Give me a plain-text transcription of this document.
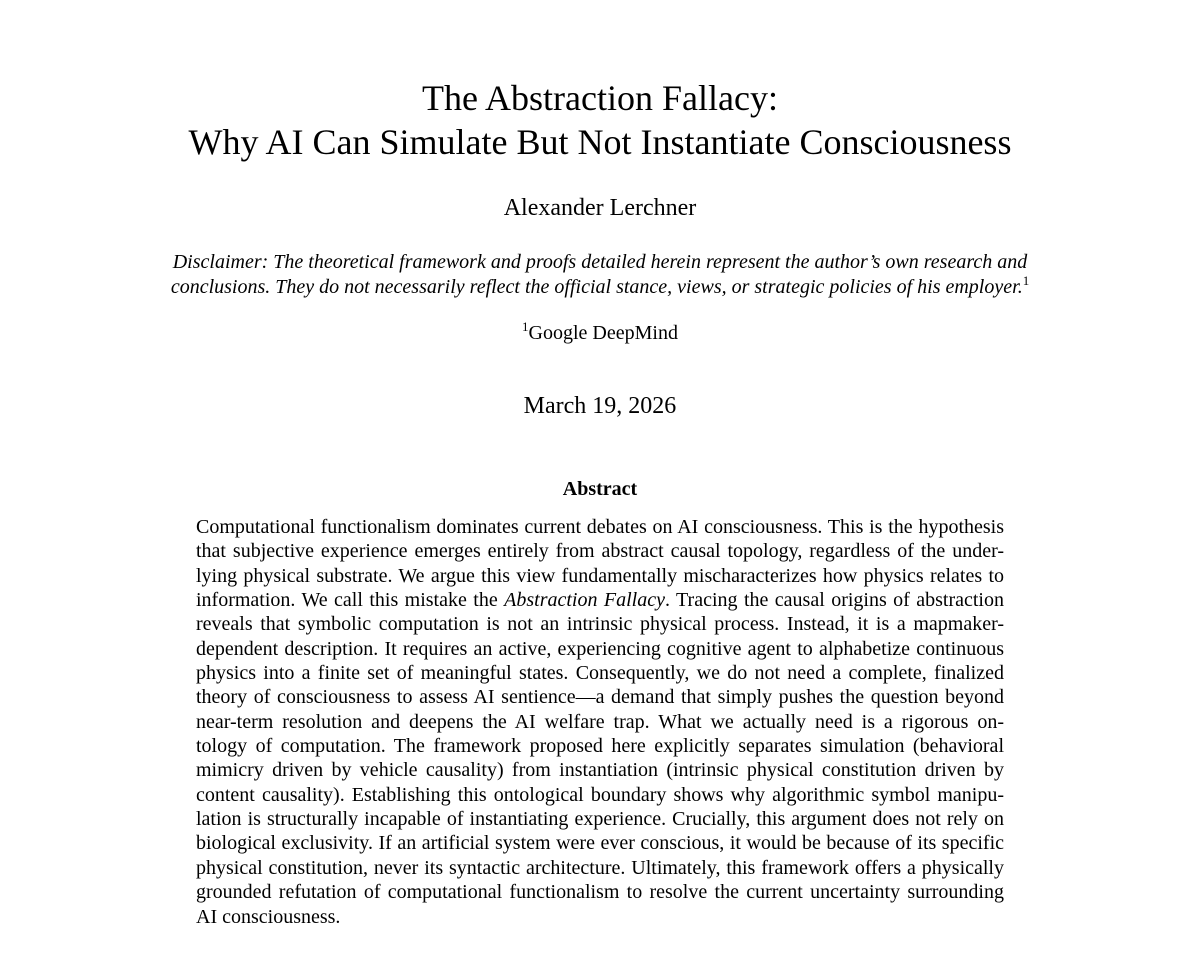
The Abstraction Fallacy:
Why AI Can Simulate But Not Instantiate Consciousness
Alexander Lerchner
Disclaimer: The theoretical framework and proofs detailed herein represent the author’s own research and
conclusions. They do not necessarily reflect the official stance, views, or strategic policies of his employer.$^1$
$^1$Google DeepMind
March 19, 2026
Abstract
Computational functionalism dominates current debates on AI consciousness. This is the hypothesis
that subjective experience emerges entirely from abstract causal topology, regardless of the under-
lying physical substrate. We argue this view fundamentally mischaracterizes how physics relates to
information. We call this mistake the Abstraction Fallacy. Tracing the causal origins of abstraction
reveals that symbolic computation is not an intrinsic physical process. Instead, it is a mapmaker-
dependent description. It requires an active, experiencing cognitive agent to alphabetize continuous
physics into a finite set of meaningful states. Consequently, we do not need a complete, finalized
theory of consciousness to assess AI sentience—a demand that simply pushes the question beyond
near-term resolution and deepens the AI welfare trap. What we actually need is a rigorous on-
tology of computation. The framework proposed here explicitly separates simulation (behavioral
mimicry driven by vehicle causality) from instantiation (intrinsic physical constitution driven by
content causality). Establishing this ontological boundary shows why algorithmic symbol manipu-
lation is structurally incapable of instantiating experience. Crucially, this argument does not rely on
biological exclusivity. If an artificial system were ever conscious, it would be because of its specific
physical constitution, never its syntactic architecture. Ultimately, this framework offers a physically
grounded refutation of computational functionalism to resolve the current uncertainty surrounding
AI consciousness.
